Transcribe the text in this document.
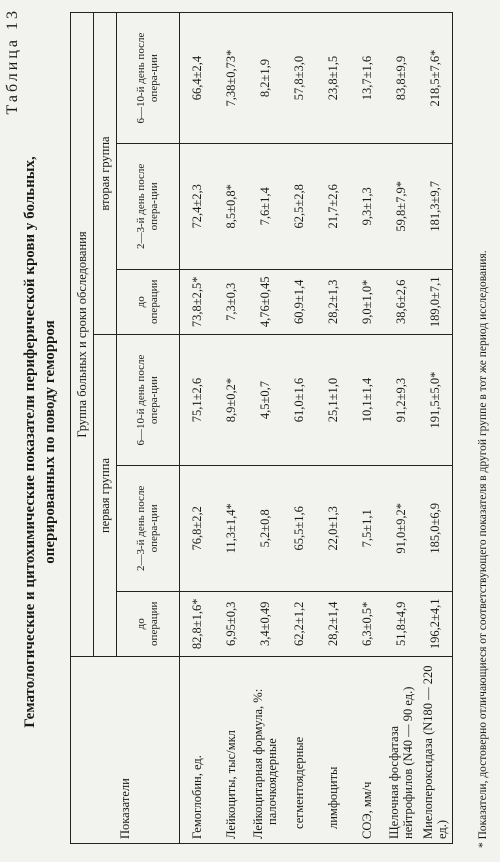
Таблица 13
Гематологические и цитохимические показатели периферической крови у больных, оперированных по поводу геморроя
Показатели	Группа больных и сроки обследования					
	первая группа			вторая группа		
	до операции	2—3-й день после опера-ции	6—10-й день после опера-ции	до операции	2—3-й день после опера-ции	6—10-й день после опера-ции
Гемоглобин, ед.	82,8±1,6*	76,8±2,2	75,1±2,6	73,8±2,5*	72,4±2,3	66,4±2,4
Лейкоциты, тыс/мкл	6,95±0,3	11,3±1,4*	8,9±0,2*	7,3±0,3	8,5±0,8*	7,38±0,73*

Лейкоцитарная формула, %: палочкоядерные	3,4±0,49	5,2±0,8	4,5±0,7	4,76±0,45	7,6±1,4	8,2±1,9
сегментоядерные	62,2±1,2	65,5±1,6	61,0±1,6	60,9±1,4	62,5±2,8	57,8±3,0
лимфоциты	28,2±1,4	22,0±1,3	25,1±1,0	28,2±1,3	21,7±2,6	23,8±1,5
СОЭ, мм/ч	6,3±0,5*	7,5±1,1	10,1±1,4	9,0±1,0*	9,3±1,3	13,7±1,6
Щелочная фосфатаза нейтрофилов (N40 — 90 ед.)	51,8±4,9	91,0±9,2*	91,2±9,3	38,6±2,6	59,8±7,9*	83,8±9,9
Миелопероксидаза (N180 — 220 ед.)	196,2±4,1	185,0±6,9	191,5±5,0*	189,0±7,1	181,3±9,7	218,5±7,6*
* Показатели, достоверно отличающиеся от соответствующего показателя в другой группе в тот же период исследования.
